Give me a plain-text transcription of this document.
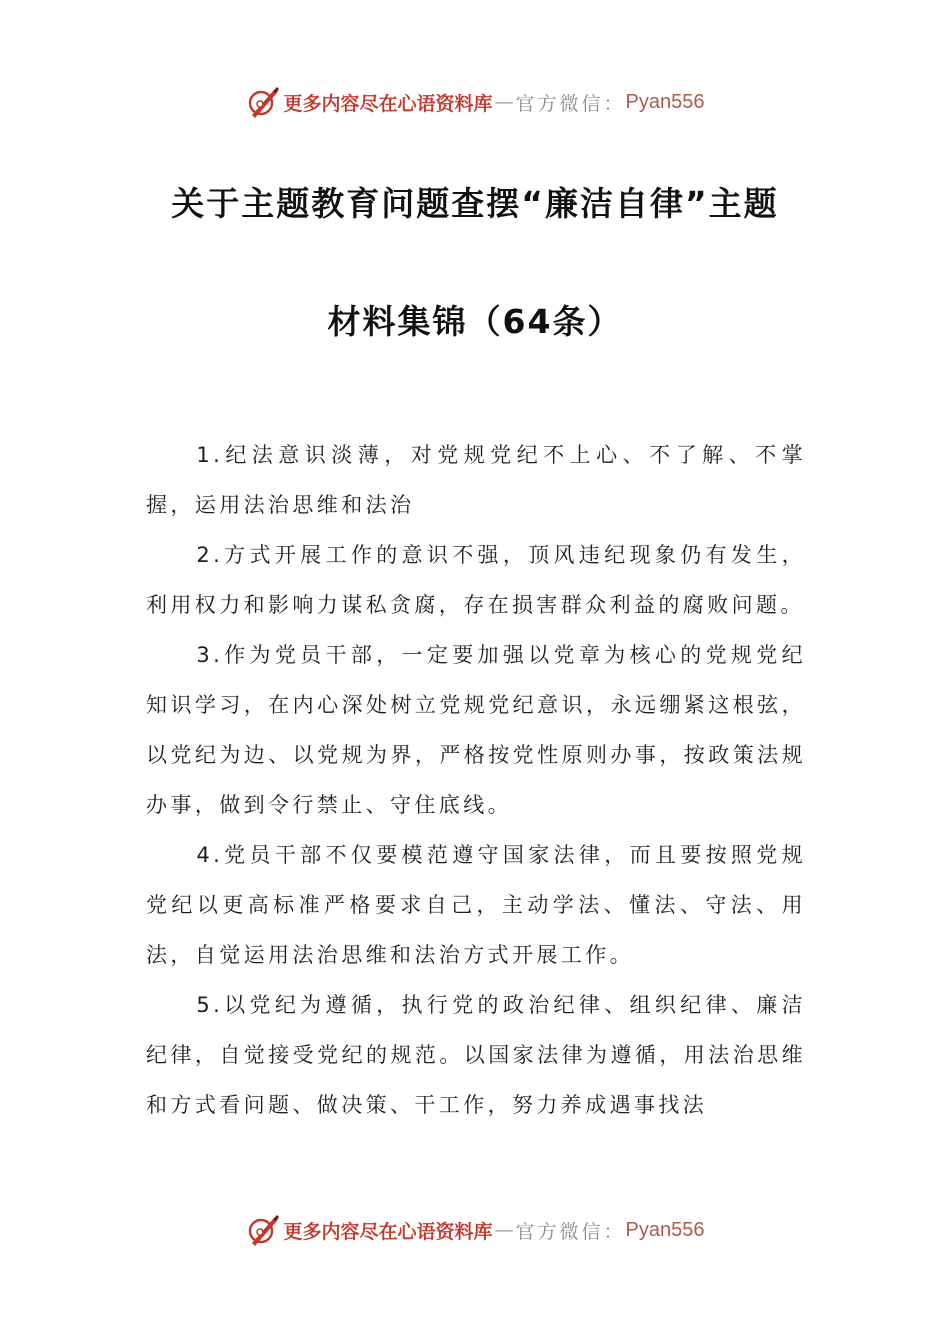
更多内容尽在心语资料库 — 官方微信： Pyan556
关于主题教育问题查摆“廉洁自律”主题
材料集锦（64条）

1.纪法意识淡薄，对党规党纪不上心、不了解、不掌握，运用法治思维和法治

2.方式开展工作的意识不强，顶风违纪现象仍有发生，利用权力和影响力谋私贪腐，存在损害群众利益的腐败问题。

3.作为党员干部，一定要加强以党章为核心的党规党纪知识学习，在内心深处树立党规党纪意识，永远绷紧这根弦，以党纪为边、以党规为界，严格按党性原则办事，按政策法规办事，做到令行禁止、守住底线。

4.党员干部不仅要模范遵守国家法律，而且要按照党规党纪以更高标准严格要求自己，主动学法、懂法、守法、用法，自觉运用法治思维和法治方式开展工作。

5.以党纪为遵循，执行党的政治纪律、组织纪律、廉洁纪律，自觉接受党纪的规范。以国家法律为遵循，用法治思维和方式看问题、做决策、干工作，努力养成遇事找法

更多内容尽在心语资料库 — 官方微信： Pyan556
